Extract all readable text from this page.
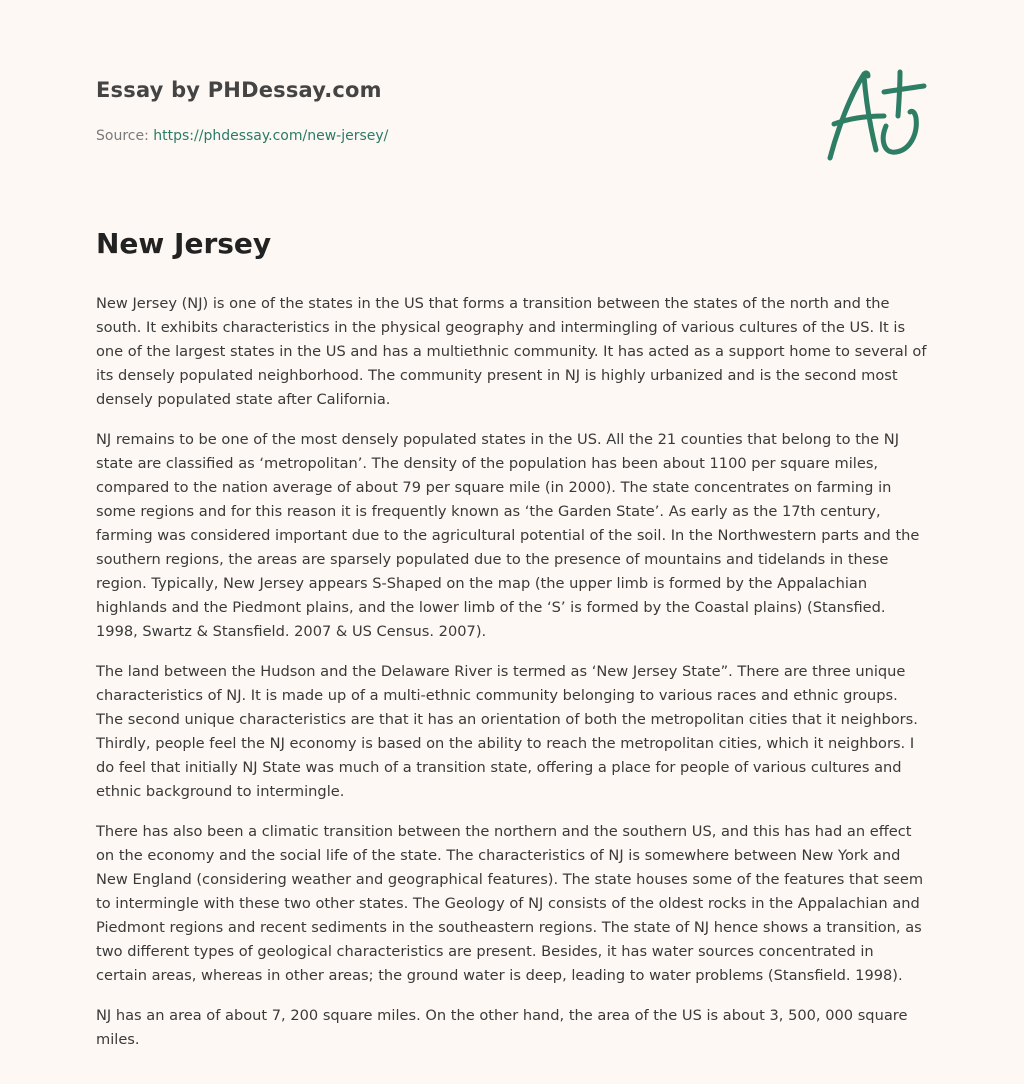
Essay by PHDessay.com
Source: https://phdessay.com/new-jersey/
New Jersey

New Jersey (NJ) is one of the states in the US that forms a transition between the states of the north and the south. It exhibits characteristics in the physical geography and intermingling of various cultures of the US. It is one of the largest states in the US and has a multiethnic community. It has acted as a support home to several of its densely populated neighborhood. The community present in NJ is highly urbanized and is the second most densely populated state after California.

NJ remains to be one of the most densely populated states in the US. All the 21 counties that belong to the NJ state are classified as ‘metropolitan’. The density of the population has been about 1100 per square miles, compared to the nation average of about 79 per square mile (in 2000). The state concentrates on farming in some regions and for this reason it is frequently known as ‘the Garden State’. As early as the 17th century, farming was considered important due to the agricultural potential of the soil. In the Northwestern parts and the southern regions, the areas are sparsely populated due to the presence of mountains and tidelands in these region. Typically, New Jersey appears S-Shaped on the map (the upper limb is formed by the Appalachian highlands and the Piedmont plains, and the lower limb of the ‘S’ is formed by the Coastal plains) (Stansfied. 1998, Swartz & Stansfield. 2007 & US Census. 2007).

The land between the Hudson and the Delaware River is termed as ‘New Jersey State”. There are three unique characteristics of NJ. It is made up of a multi-ethnic community belonging to various races and ethnic groups. The second unique characteristics are that it has an orientation of both the metropolitan cities that it neighbors. Thirdly, people feel the NJ economy is based on the ability to reach the metropolitan cities, which it neighbors. I do feel that initially NJ State was much of a transition state, offering a place for people of various cultures and ethnic background to intermingle.

There has also been a climatic transition between the northern and the southern US, and this has had an effect on the economy and the social life of the state. The characteristics of NJ is somewhere between New York and New England (considering weather and geographical features). The state houses some of the features that seem to intermingle with these two other states. The Geology of NJ consists of the oldest rocks in the Appalachian and Piedmont regions and recent sediments in the southeastern regions. The state of NJ hence shows a transition, as two different types of geological characteristics are present. Besides, it has water sources concentrated in certain areas, whereas in other areas; the ground water is deep, leading to water problems (Stansfield. 1998).

NJ has an area of about 7, 200 square miles. On the other hand, the area of the US is about 3, 500, 000 square miles.
